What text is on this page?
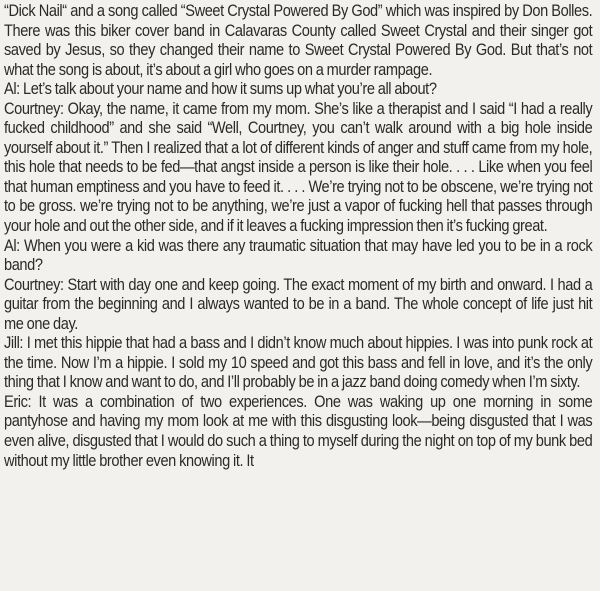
“Dick Nail“ and a song called “Sweet Crystal Powered By God” which was inspired by Don Bolles. There was this biker cover band in Calavaras County called Sweet Crystal and their singer got saved by Jesus, so they changed their name to Sweet Crystal Powered By God. But that’s not what the song is about, it’s about a girl who goes on a murder rampage.

Al: Let’s talk about your name and how it sums up what you’re all about?

Courtney: Okay, the name, it came from my mom. She’s like a therapist and I said “I had a really fucked childhood” and she said “Well, Courtney, you can’t walk around with a big hole inside yourself about it.” Then I realized that a lot of different kinds of anger and stuff came from my hole, this hole that needs to be fed—that angst inside a person is like their hole. . . . Like when you feel that human emptiness and you have to feed it. . . . We’re trying not to be obscene, we’re trying not to be gross. we’re trying not to be anything, we’re just a vapor of fucking hell that passes through your hole and out the other side, and if it leaves a fucking impression then it’s fucking great.

Al: When you were a kid was there any traumatic situation that may have led you to be in a rock band?

Courtney: Start with day one and keep going. The exact moment of my birth and onward. I had a guitar from the beginning and I always wanted to be in a band. The whole concept of life just hit me one day.

Jill: I met this hippie that had a bass and I didn’t know much about hippies. I was into punk rock at the time. Now I’m a hippie. I sold my 10 speed and got this bass and fell in love, and it’s the only thing that I know and want to do, and I’ll probably be in a jazz band doing comedy when I’m sixty.

Eric: It was a combination of two experiences. One was waking up one morning in some pantyhose and having my mom look at me with this disgusting look—being disgusted that I was even alive, disgusted that I would do such a thing to myself during the night on top of my bunk bed without my little brother even knowing it. It
